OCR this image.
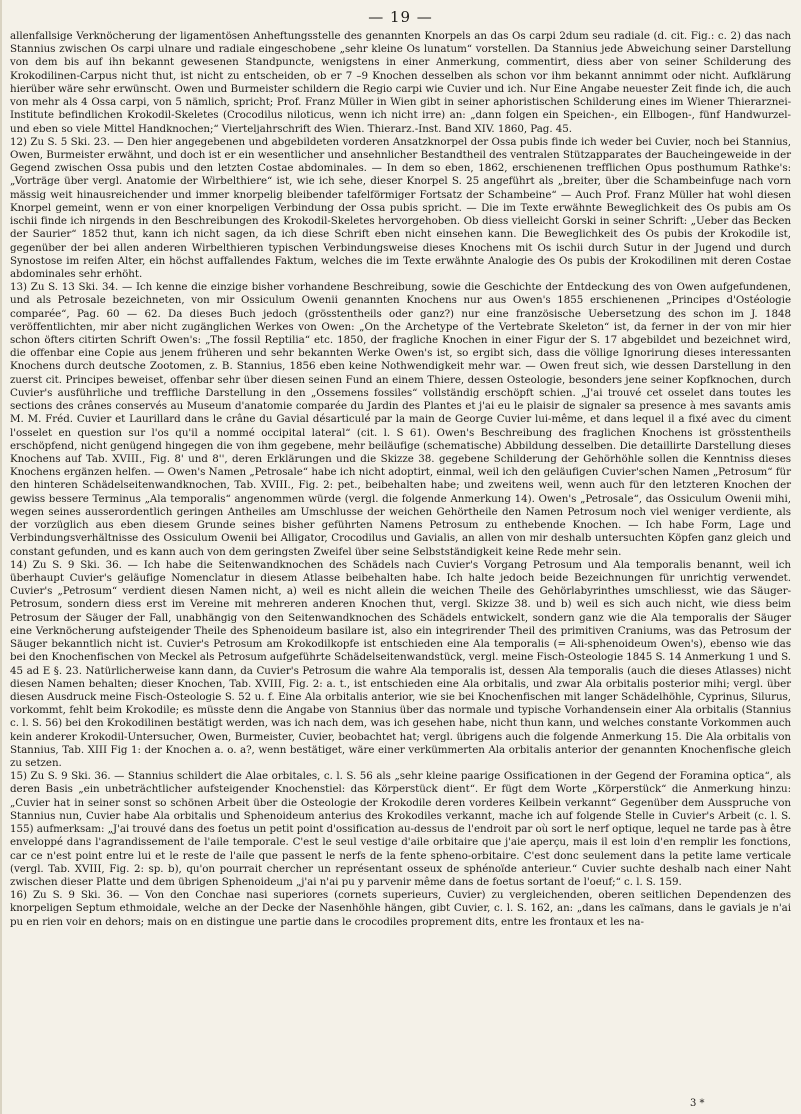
— 19 —

allenfallsige Verknöcherung der ligamentösen Anheftungsstelle des genannten Knorpels an das Os carpi 2dum seu radiale (d. cit. Fig.: c. 2) das nach Stannius zwischen Os carpi ulnare und radiale eingeschobene „sehr kleine Os lunatum“ vorstellen. Da Stannius jede Abweichung seiner Darstellung von dem bis auf ihn bekannt gewesenen Standpuncte, wenigstens in einer Anmerkung, commentirt, diess aber von seiner Schilderung des Krokodilinen-Carpus nicht thut, ist nicht zu entscheiden, ob er 7 –9 Knochen desselben als schon vor ihm bekannt annimmt oder nicht. Aufklärung hierüber wäre sehr erwünscht. Owen und Burmeister schildern die Regio carpi wie Cuvier und ich. Nur Eine Angabe neuester Zeit finde ich, die auch von mehr als 4 Ossa carpi, von 5 nämlich, spricht; Prof. Franz Müller in Wien gibt in seiner aphoristischen Schilderung eines im Wiener Thierarznei-Institute befindlichen Krokodil-Skeletes (Crocodilus niloticus, wenn ich nicht irre) an: „dann folgen ein Speichen-, ein Ellbogen-, fünf Handwurzel- und eben so viele Mittel Handknochen;“ Vierteljahrschrift des Wien. Thierarz.-Inst. Band XIV. 1860, Pag. 45.

12) Zu S. 5 Ski. 23. — Den hier angegebenen und abgebildeten vorderen Ansatzknorpel der Ossa pubis finde ich weder bei Cuvier, noch bei Stannius, Owen, Burmeister erwähnt, und doch ist er ein wesentlicher und ansehnlicher Bestandtheil des ventralen Stützapparates der Baucheingeweide in der Gegend zwischen Ossa pubis und den letzten Costae abdominales. — In dem so eben, 1862, erschienenen trefflichen Opus posthumum Rathke's: „Vorträge über vergl. Anatomie der Wirbelthiere“ ist, wie ich sehe, dieser Knorpel S. 25 angeführt als „breiter, über die Schambeinfuge nach vorn mässig weit hinausreichender und immer knorpelig bleibender tafelförmiger Fortsatz der Schambeine“ — Auch Prof. Franz Müller hat wohl diesen Knorpel gemeint, wenn er von einer knorpeligen Verbindung der Ossa pubis spricht. — Die im Texte erwähnte Beweglichkeit des Os pubis am Os ischii finde ich nirgends in den Beschreibungen des Krokodil-Skeletes hervorgehoben. Ob diess vielleicht Gorski in seiner Schrift: „Ueber das Becken der Saurier“ 1852 thut, kann ich nicht sagen, da ich diese Schrift eben nicht einsehen kann. Die Beweglichkeit des Os pubis der Krokodile ist, gegenüber der bei allen anderen Wirbelthieren typischen Verbindungsweise dieses Knochens mit Os ischii durch Sutur in der Jugend und durch Synostose im reifen Alter, ein höchst auffallendes Faktum, welches die im Texte erwähnte Analogie des Os pubis der Krokodilinen mit deren Costae abdominales sehr erhöht.

13) Zu S. 13 Ski. 34. — Ich kenne die einzige bisher vorhandene Beschreibung, sowie die Geschichte der Entdeckung des von Owen aufgefundenen, und als Petrosale bezeichneten, von mir Ossiculum Owenii genannten Knochens nur aus Owen's 1855 erschienenen „Principes d'Ostéologie comparée“, Pag. 60 — 62. Da dieses Buch jedoch (grösstentheils oder ganz?) nur eine französische Uebersetzung des schon im J. 1848 veröffentlichten, mir aber nicht zugänglichen Werkes von Owen: „On the Archetype of the Vertebrate Skeleton“ ist, da ferner in der von mir hier schon öfters citirten Schrift Owen's: „The fossil Reptilia“ etc. 1850, der fragliche Knochen in einer Figur der S. 17 abgebildet und bezeichnet wird, die offenbar eine Copie aus jenem früheren und sehr bekannten Werke Owen's ist, so ergibt sich, dass die völlige Ignorirung dieses interessanten Knochens durch deutsche Zootomen, z. B. Stannius, 1856 eben keine Nothwendigkeit mehr war. — Owen freut sich, wie dessen Darstellung in den zuerst cit. Principes beweiset, offenbar sehr über diesen seinen Fund an einem Thiere, dessen Osteologie, besonders jene seiner Kopfknochen, durch Cuvier's ausführliche und treffliche Darstellung in den „Ossemens fossiles“ vollständig erschöpft schien. „J'ai trouvé cet osselet dans toutes les sections des crânes conservés au Museum d'anatomie comparée du Jardin des Plantes et j'ai eu le plaisir de signaler sa presence à mes savants amis M. M. Fréd. Cuvier et Laurillard dans le crâne du Gavial désarticulé par la main de George Cuvier lui-même, et dans lequel il a fixé avec du ciment l'osselet en question sur l'os qu'il a nommé occipital lateral“ (cit. l. S 61). Owen's Beschreibung des fraglichen Knochens ist grösstentheils erschöpfend, nicht genügend hingegen die von ihm gegebene, mehr beiläufige (schematische) Abbildung desselben. Die detaillirte Darstellung dieses Knochens auf Tab. XVIII., Fig. 8' und 8'', deren Erklärungen und die Skizze 38. gegebene Schilderung der Gehörhöhle sollen die Kenntniss dieses Knochens ergänzen helfen. — Owen's Namen „Petrosale“ habe ich nicht adoptirt, einmal, weil ich den geläufigen Cuvier'schen Namen „Petrosum“ für den hinteren Schädelseitenwandknochen, Tab. XVIII., Fig. 2: pet., beibehalten habe; und zweitens weil, wenn auch für den letzteren Knochen der gewiss bessere Terminus „Ala temporalis“ angenommen würde (vergl. die folgende Anmerkung 14). Owen's „Petrosale“, das Ossiculum Owenii mihi, wegen seines ausserordentlich geringen Antheiles am Umschlusse der weichen Gehörtheile den Namen Petrosum noch viel weniger verdiente, als der vorzüglich aus eben diesem Grunde seines bisher geführten Namens Petrosum zu enthebende Knochen. — Ich habe Form, Lage und Verbindungsverhältnisse des Ossiculum Owenii bei Alligator, Crocodilus und Gavialis, an allen von mir deshalb untersuchten Köpfen ganz gleich und constant gefunden, und es kann auch von dem geringsten Zweifel über seine Selbstständigkeit keine Rede mehr sein.

14) Zu S. 9 Ski. 36. — Ich habe die Seitenwandknochen des Schädels nach Cuvier's Vorgang Petrosum und Ala temporalis benannt, weil ich überhaupt Cuvier's geläufige Nomenclatur in diesem Atlasse beibehalten habe. Ich halte jedoch beide Bezeichnungen für unrichtig verwendet. Cuvier's „Petrosum“ verdient diesen Namen nicht, a) weil es nicht allein die weichen Theile des Gehörlabyrinthes umschliesst, wie das Säuger-Petrosum, sondern diess erst im Vereine mit mehreren anderen Knochen thut, vergl. Skizze 38. und b) weil es sich auch nicht, wie diess beim Petrosum der Säuger der Fall, unabhängig von den Seitenwandknochen des Schädels entwickelt, sondern ganz wie die Ala temporalis der Säuger eine Verknöcherung aufsteigender Theile des Sphenoideum basilare ist, also ein integrirender Theil des primitiven Craniums, was das Petrosum der Säuger bekanntlich nicht ist. Cuvier's Petrosum am Krokodilkopfe ist entschieden eine Ala temporalis (= Ali-sphenoideum Owen's), ebenso wie das bei den Knochenfischen von Meckel als Petrosum aufgeführte Schädelseitenwandstück, vergl. meine Fisch-Osteologie 1845 S. 14 Anmerkung 1 und S. 45 ad E §. 23. Natürlicherweise kann dann, da Cuvier's Petrosum die wahre Ala temporalis ist, dessen Ala temporalis (auch die dieses Atlasses) nicht diesen Namen behalten; dieser Knochen, Tab. XVIII, Fig. 2: a. t., ist entschieden eine Ala orbitalis, und zwar Ala orbitalis posterior mihi; vergl. über diesen Ausdruck meine Fisch-Osteologie S. 52 u. f. Eine Ala orbitalis anterior, wie sie bei Knochenfischen mit langer Schädelhöhle, Cyprinus, Silurus, vorkommt, fehlt beim Krokodile; es müsste denn die Angabe von Stannius über das normale und typische Vorhandensein einer Ala orbitalis (Stannius c. l. S. 56) bei den Krokodilinen bestätigt werden, was ich nach dem, was ich gesehen habe, nicht thun kann, und welches constante Vorkommen auch kein anderer Krokodil-Untersucher, Owen, Burmeister, Cuvier, beobachtet hat; vergl. übrigens auch die folgende Anmerkung 15. Die Ala orbitalis von Stannius, Tab. XIII Fig 1: der Knochen a. o. a?, wenn bestätiget, wäre einer verkümmerten Ala orbitalis anterior der genannten Knochenfische gleich zu setzen.

15) Zu S. 9 Ski. 36. — Stannius schildert die Alae orbitales, c. l. S. 56 als „sehr kleine paarige Ossificationen in der Gegend der Foramina optica“, als deren Basis „ein unbeträchtlicher aufsteigender Knochenstiel: das Körperstück dient“. Er fügt dem Worte „Körperstück“ die Anmerkung hinzu: „Cuvier hat in seiner sonst so schönen Arbeit über die Osteologie der Krokodile deren vorderes Keilbein verkannt“ Gegenüber dem Ausspruche von Stannius nun, Cuvier habe Ala orbitalis und Sphenoideum anterius des Krokodiles verkannt, mache ich auf folgende Stelle in Cuvier's Arbeit (c. l. S. 155) aufmerksam: „J'ai trouvé dans des foetus un petit point d'ossification au-dessus de l'endroit par où sort le nerf optique, lequel ne tarde pas à être enveloppé dans l'agrandissement de l'aile temporale. C'est le seul vestige d'aile orbitaire que j'aie aperçu, mais il est loin d'en remplir les fonctions, car ce n'est point entre lui et le reste de l'aile que passent le nerfs de la fente spheno-orbitaire. C'est donc seulement dans la petite lame verticale (vergl. Tab. XVIII, Fig. 2: sp. b), qu'on pourrait chercher un représentant osseux de sphénoïde anterieur.“ Cuvier suchte deshalb nach einer Naht zwischen dieser Platte und dem übrigen Sphenoideum „j'ai n'ai pu y parvenir même dans de foetus sortant de l'oeuf;“ c. l. S. 159.

16) Zu S. 9 Ski. 36. — Von den Conchae nasi superiores (cornets superieurs, Cuvier) zu vergleichenden, oberen seitlichen Dependenzen des knorpeligen Septum ethmoidale, welche an der Decke der Nasenhöhle hängen, gibt Cuvier, c. l. S. 162, an: „dans les caïmans, dans le gavials je n'ai pu en rien voir en dehors; mais on en distingue une partie dans le crocodiles proprement dits, entre les frontaux et les na-

3 *
